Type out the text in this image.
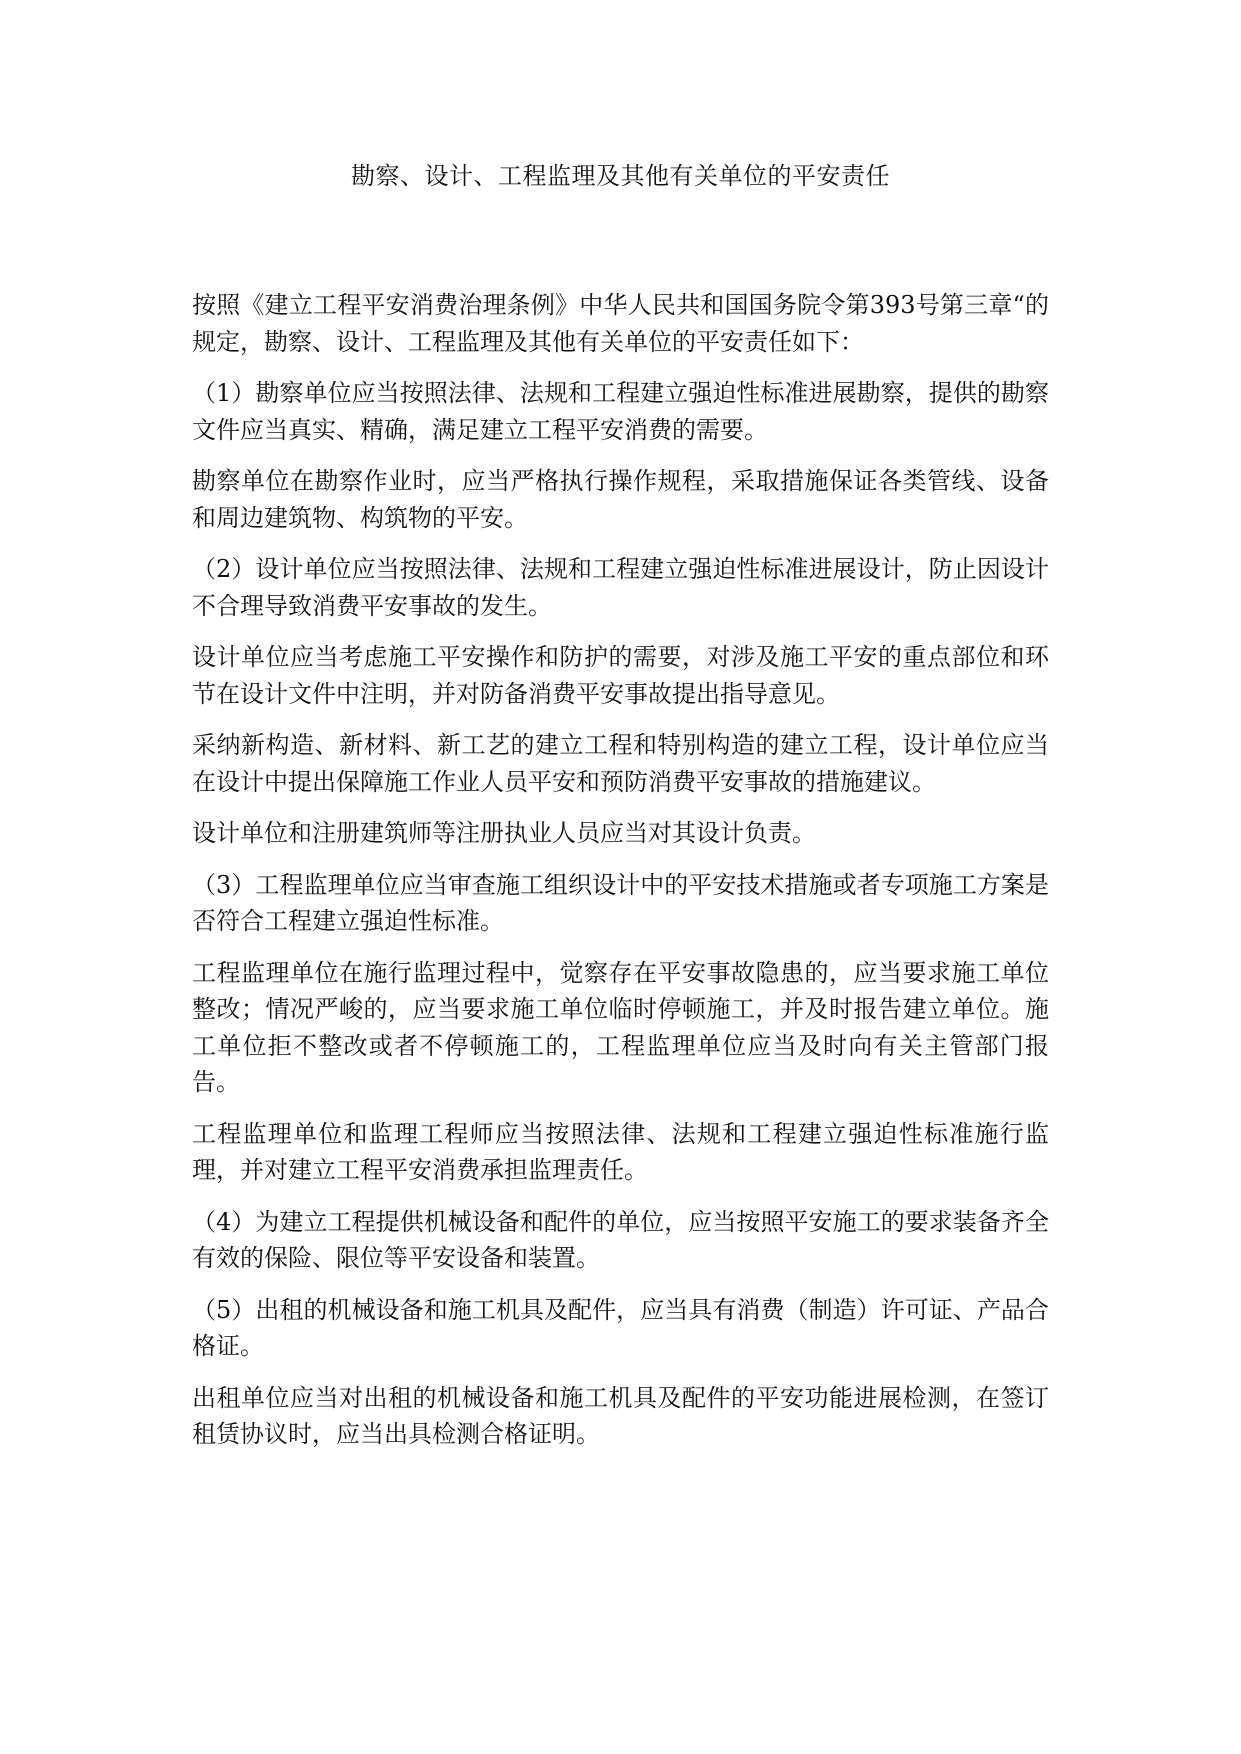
勘察、设计、工程监理及其他有关单位的平安责任

按照《建立工程平安消费治理条例》中华人民共和国国务院令第393号第三章“的规定，勘察、设计、工程监理及其他有关单位的平安责任如下：

（1）勘察单位应当按照法律、法规和工程建立强迫性标准进展勘察，提供的勘察文件应当真实、精确，满足建立工程平安消费的需要。

勘察单位在勘察作业时，应当严格执行操作规程，采取措施保证各类管线、设备和周边建筑物、构筑物的平安。

（2）设计单位应当按照法律、法规和工程建立强迫性标准进展设计，防止因设计不合理导致消费平安事故的发生。

设计单位应当考虑施工平安操作和防护的需要，对涉及施工平安的重点部位和环节在设计文件中注明，并对防备消费平安事故提出指导意见。

采纳新构造、新材料、新工艺的建立工程和特别构造的建立工程，设计单位应当在设计中提出保障施工作业人员平安和预防消费平安事故的措施建议。

设计单位和注册建筑师等注册执业人员应当对其设计负责。

（3）工程监理单位应当审查施工组织设计中的平安技术措施或者专项施工方案是否符合工程建立强迫性标准。

工程监理单位在施行监理过程中，觉察存在平安事故隐患的，应当要求施工单位整改；情况严峻的，应当要求施工单位临时停顿施工，并及时报告建立单位。施工单位拒不整改或者不停顿施工的，工程监理单位应当及时向有关主管部门报告。

工程监理单位和监理工程师应当按照法律、法规和工程建立强迫性标准施行监理，并对建立工程平安消费承担监理责任。

（4）为建立工程提供机械设备和配件的单位，应当按照平安施工的要求装备齐全有效的保险、限位等平安设备和装置。

（5）出租的机械设备和施工机具及配件，应当具有消费（制造）许可证、产品合格证。

出租单位应当对出租的机械设备和施工机具及配件的平安功能进展检测，在签订租赁协议时，应当出具检测合格证明。
